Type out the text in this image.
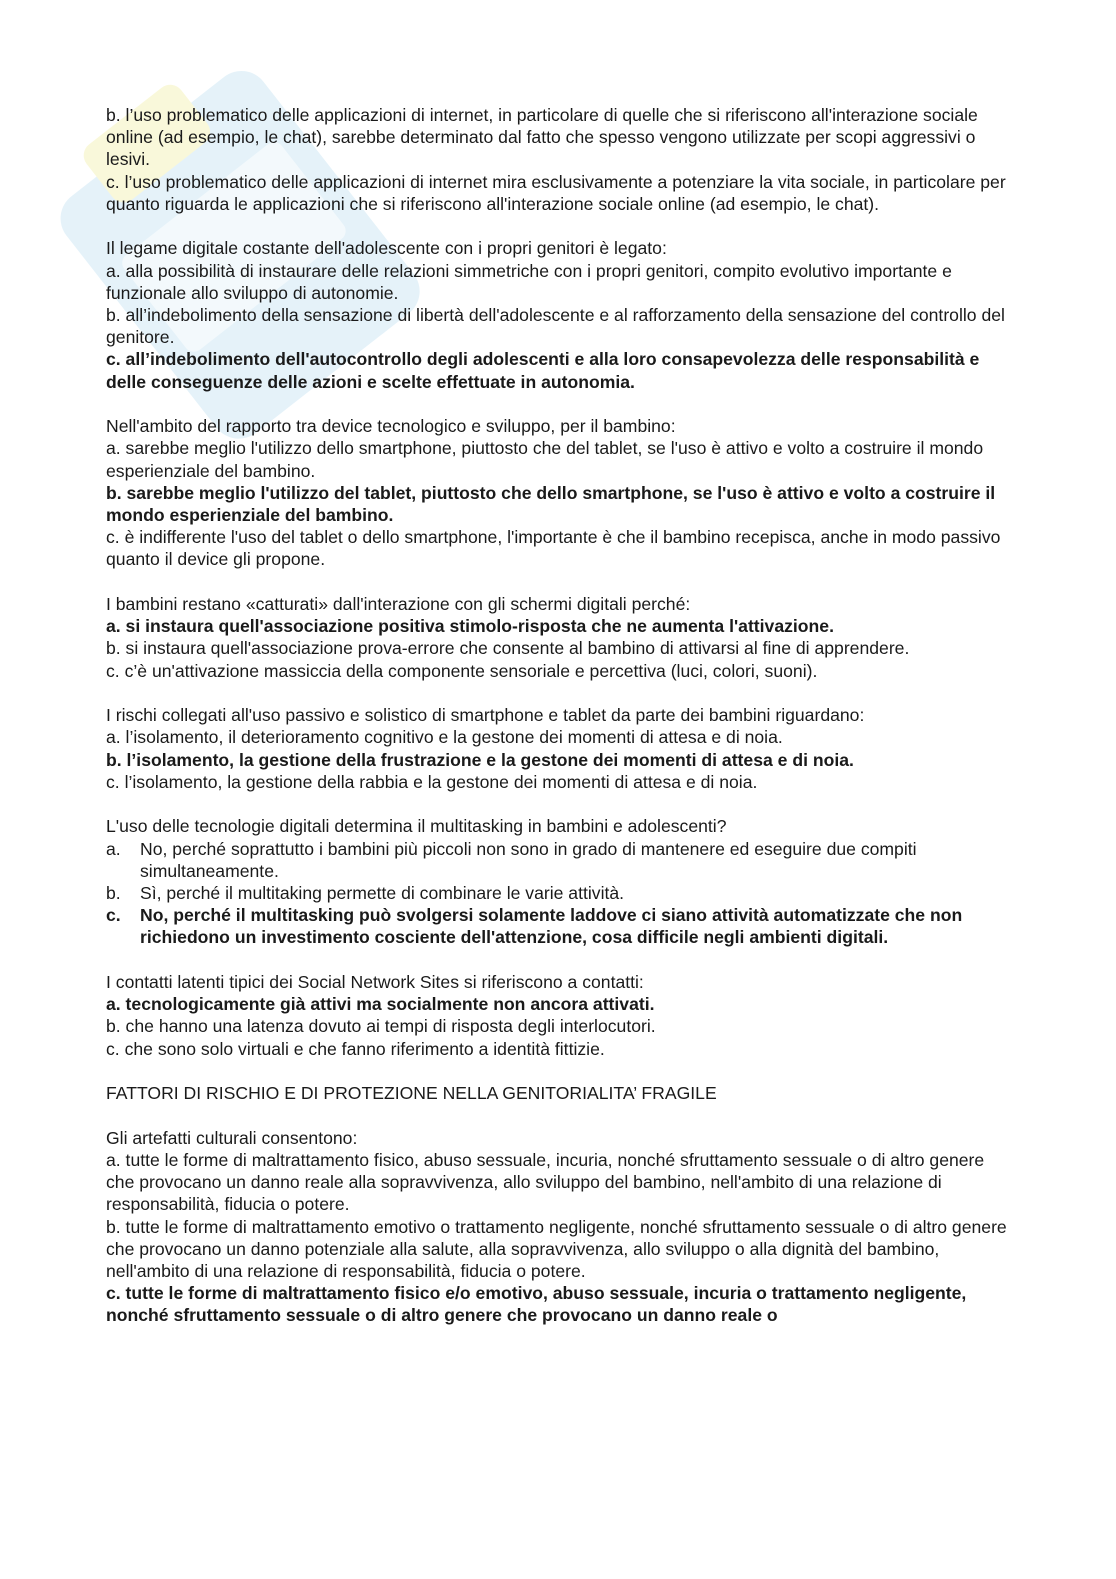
b. l’uso problematico delle applicazioni di internet, in particolare di quelle che si riferiscono all'interazione sociale online (ad esempio, le chat), sarebbe determinato dal fatto che spesso vengono utilizzate per scopi aggressivi o lesivi.
c. l’uso problematico delle applicazioni di internet mira esclusivamente a potenziare la vita sociale, in particolare per quanto riguarda le applicazioni che si riferiscono all'interazione sociale online (ad esempio, le chat).
Il legame digitale costante dell'adolescente con i propri genitori è legato:
a. alla possibilità di instaurare delle relazioni simmetriche con i propri genitori, compito evolutivo importante e funzionale allo sviluppo di autonomie.
b. all’indebolimento della sensazione di libertà dell'adolescente e al rafforzamento della sensazione del controllo del genitore.
c. all’indebolimento dell'autocontrollo degli adolescenti e alla loro consapevolezza delle responsabilità e delle conseguenze delle azioni e scelte effettuate in autonomia.
Nell'ambito del rapporto tra device tecnologico e sviluppo, per il bambino:
a. sarebbe meglio l'utilizzo dello smartphone, piuttosto che del tablet, se l'uso è attivo e volto a costruire il mondo esperienziale del bambino.
b. sarebbe meglio l'utilizzo del tablet, piuttosto che dello smartphone, se l'uso è attivo e volto a costruire il mondo esperienziale del bambino.
c. è indifferente l'uso del tablet o dello smartphone, l'importante è che il bambino recepisca, anche in modo passivo quanto il device gli propone.
I bambini restano «catturati» dall'interazione con gli schermi digitali perché:
a. si instaura quell'associazione positiva stimolo-risposta che ne aumenta l'attivazione.
b. si instaura quell'associazione prova-errore che consente al bambino di attivarsi al fine di apprendere.
c. c’è un'attivazione massiccia della componente sensoriale e percettiva (luci, colori, suoni).
I rischi collegati all'uso passivo e solistico di smartphone e tablet da parte dei bambini riguardano:
a. l’isolamento, il deterioramento cognitivo e la gestone dei momenti di attesa e di noia.
b. l’isolamento, la gestione della frustrazione e la gestone dei momenti di attesa e di noia.
c. l’isolamento, la gestione della rabbia e la gestone dei momenti di attesa e di noia.
L'uso delle tecnologie digitali determina il multitasking in bambini e adolescenti?
a. No, perché soprattutto i bambini più piccoli non sono in grado di mantenere ed eseguire due compiti simultaneamente.
b. Sì, perché il multitaking permette di combinare le varie attività.
c. No, perché il multitasking può svolgersi solamente laddove ci siano attività automatizzate che non richiedono un investimento cosciente dell'attenzione, cosa difficile negli ambienti digitali.
I contatti latenti tipici dei Social Network Sites si riferiscono a contatti:
a. tecnologicamente già attivi ma socialmente non ancora attivati.
b. che hanno una latenza dovuto ai tempi di risposta degli interlocutori.
c. che sono solo virtuali e che fanno riferimento a identità fittizie.
FATTORI DI RISCHIO E DI PROTEZIONE NELLA GENITORIALITA’ FRAGILE
Gli artefatti culturali consentono:
a. tutte le forme di maltrattamento fisico, abuso sessuale, incuria, nonché sfruttamento sessuale o di altro genere che provocano un danno reale alla sopravvivenza, allo sviluppo del bambino, nell'ambito di una relazione di responsabilità, fiducia o potere.
b. tutte le forme di maltrattamento emotivo o trattamento negligente, nonché sfruttamento sessuale o di altro genere che provocano un danno potenziale alla salute, alla sopravvivenza, allo sviluppo o alla dignità del bambino, nell'ambito di una relazione di responsabilità, fiducia o potere.
c. tutte le forme di maltrattamento fisico e/o emotivo, abuso sessuale, incuria o trattamento negligente, nonché sfruttamento sessuale o di altro genere che provocano un danno reale o
